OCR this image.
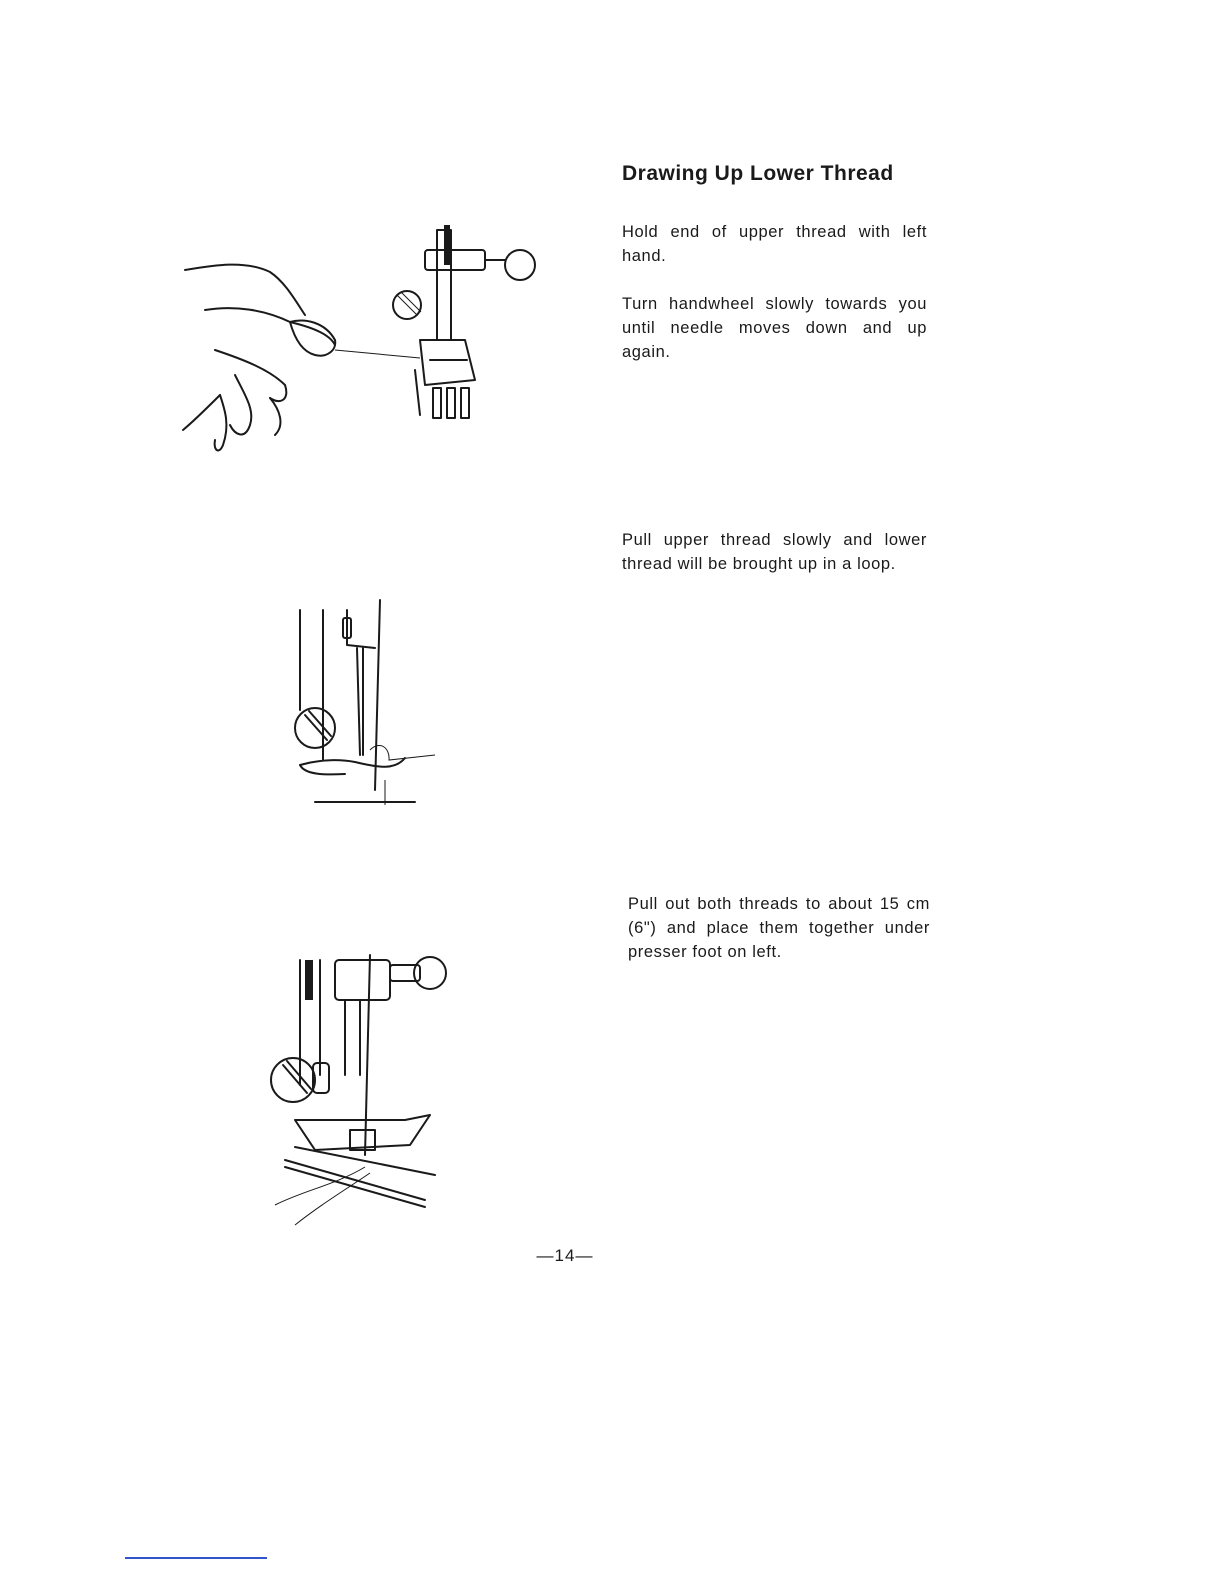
Drawing Up Lower Thread

Hold end of upper thread with left hand.

Turn handwheel slowly towards you until needle moves down and up again.

Pull upper thread slowly and lower thread will be brought up in a loop.

Pull out both threads to about 15 cm (6") and place them together under presser foot on left.

—14—
